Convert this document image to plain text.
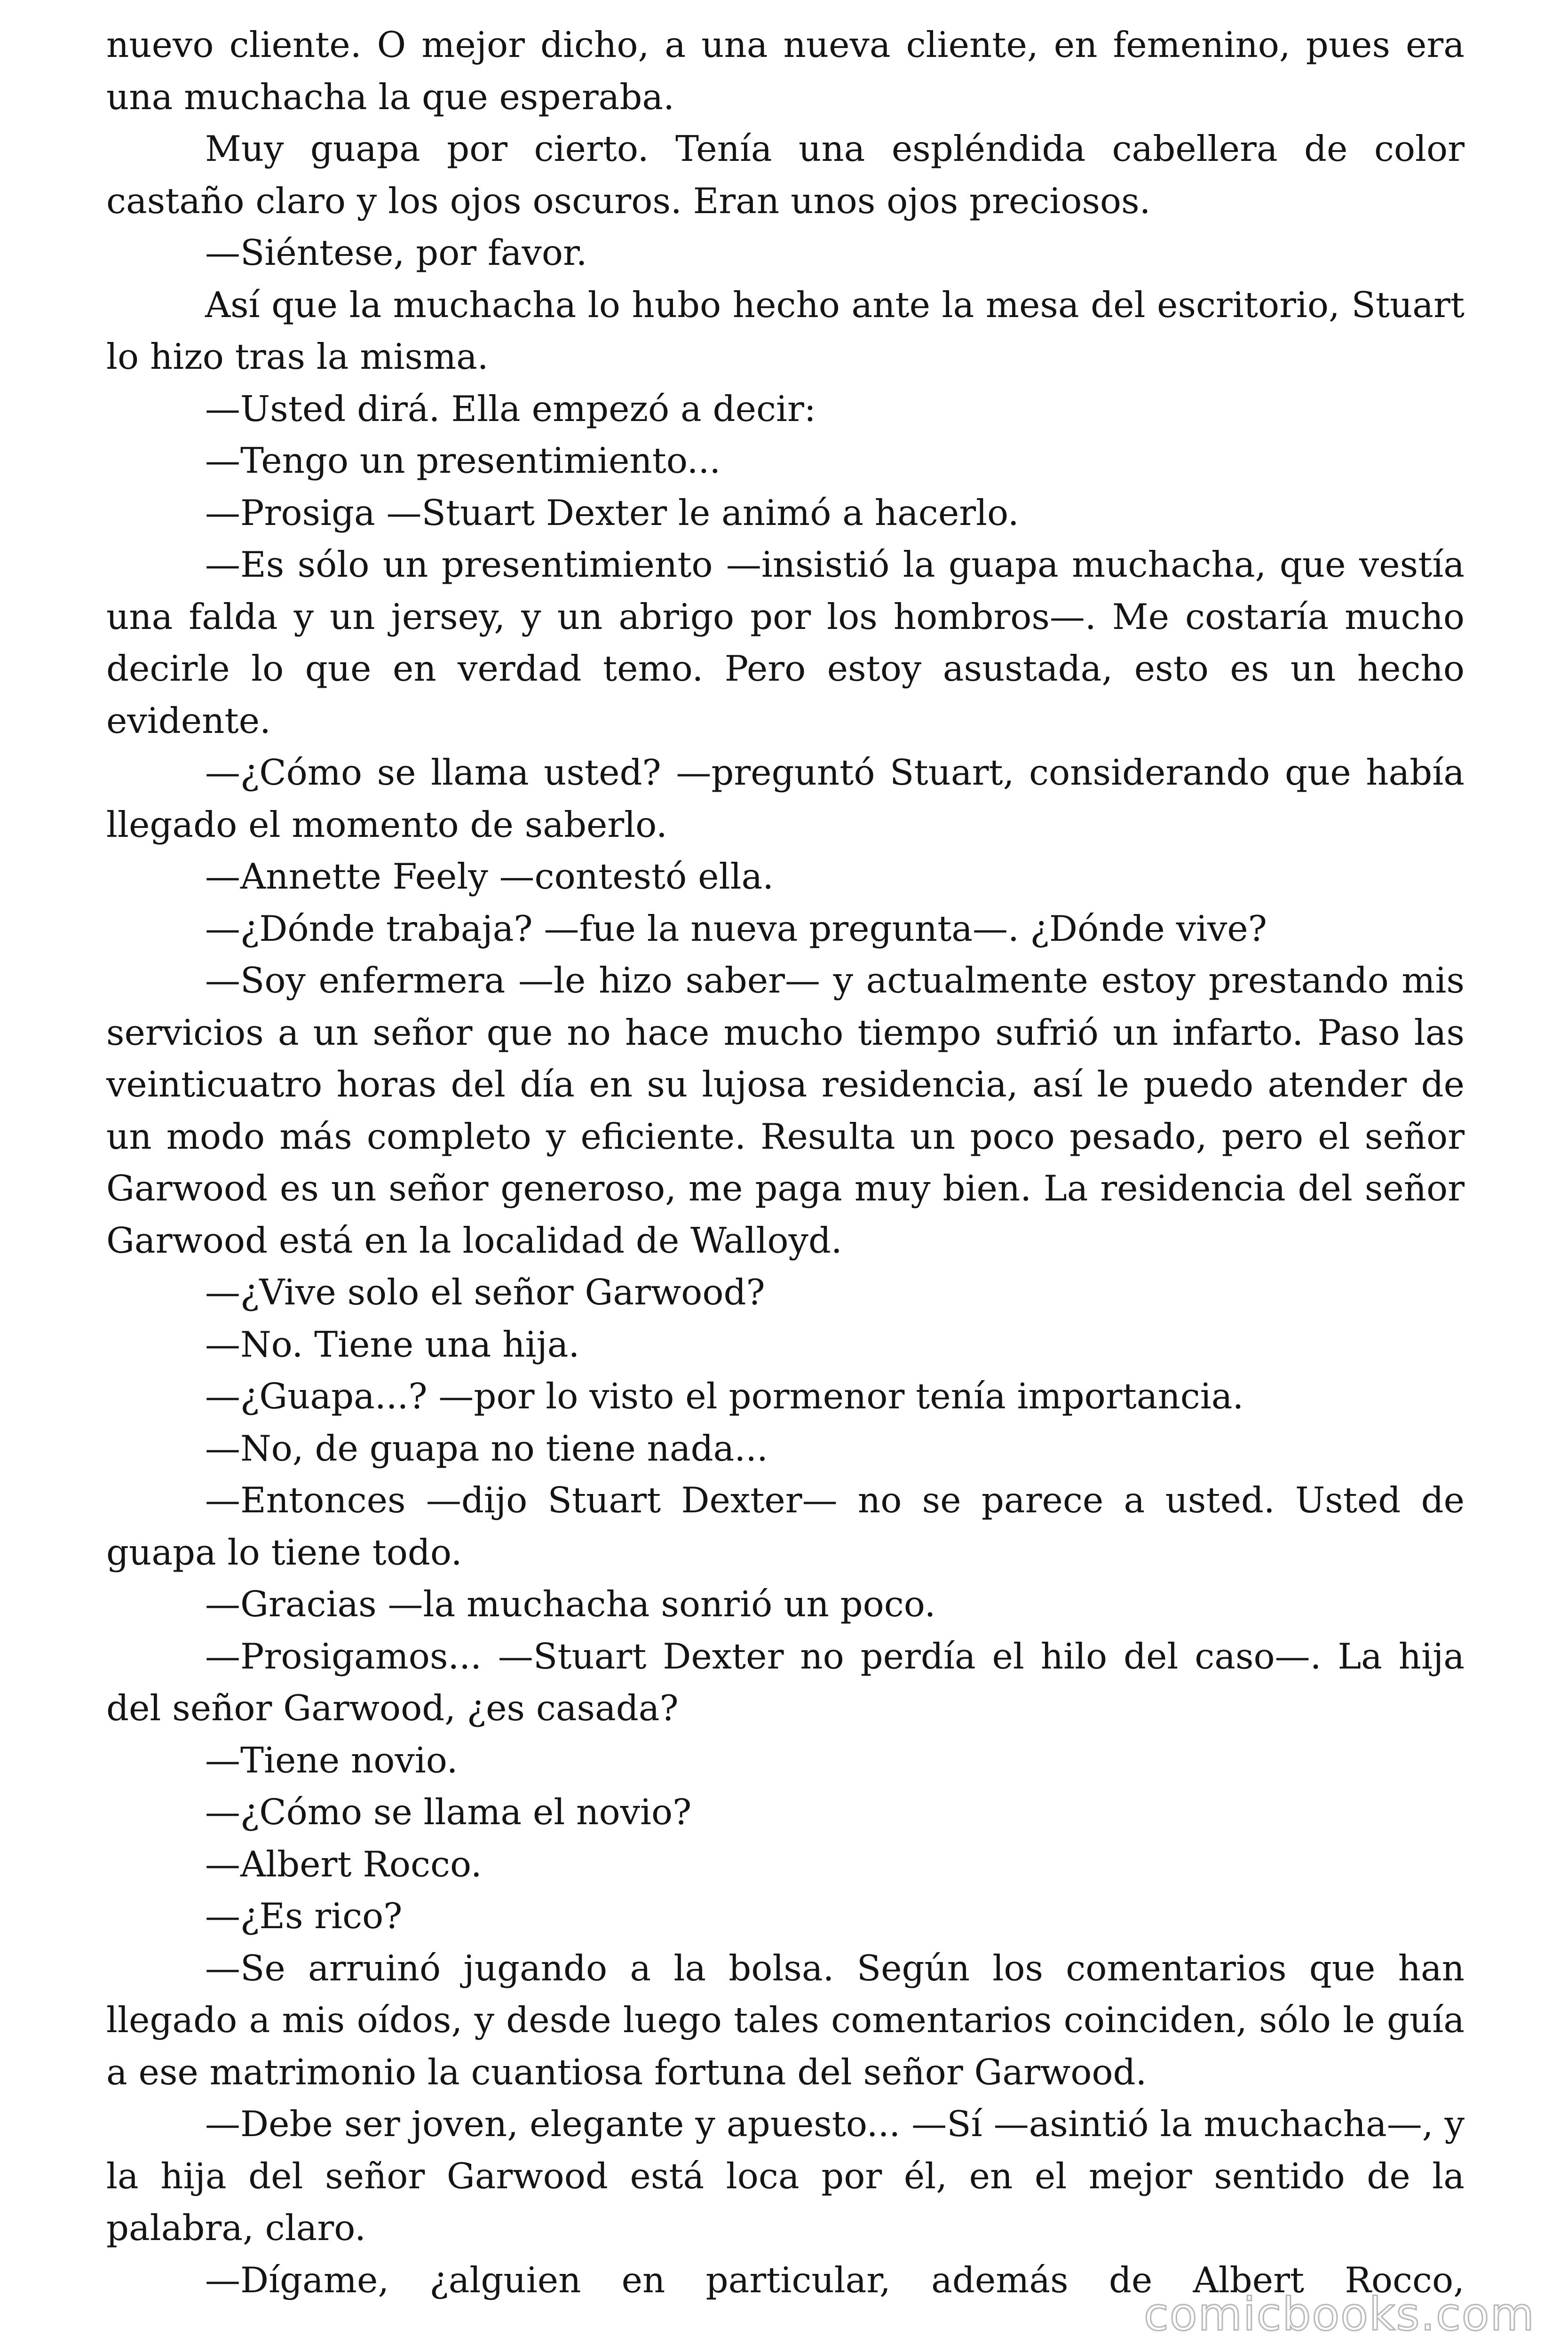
nuevo cliente. O mejor dicho, a una nueva cliente, en femenino, pues era una muchacha la que esperaba.

Muy guapa por cierto. Tenía una espléndida cabellera de color castaño claro y los ojos oscuros. Eran unos ojos preciosos.

—Siéntese, por favor.

Así que la muchacha lo hubo hecho ante la mesa del escritorio, Stuart lo hizo tras la misma.

—Usted dirá. Ella empezó a decir:

—Tengo un presentimiento...

—Prosiga —Stuart Dexter le animó a hacerlo.

—Es sólo un presentimiento —insistió la guapa muchacha, que vestía una falda y un jersey, y un abrigo por los hombros—. Me costaría mucho decirle lo que en verdad temo. Pero estoy asustada, esto es un hecho evidente.

—¿Cómo se llama usted? —preguntó Stuart, considerando que había llegado el momento de saberlo.

—Annette Feely —contestó ella.

—¿Dónde trabaja? —fue la nueva pregunta—. ¿Dónde vive?

—Soy enfermera —le hizo saber— y actualmente estoy prestando mis servicios a un señor que no hace mucho tiempo sufrió un infarto. Paso las veinticuatro horas del día en su lujosa residencia, así le puedo atender de un modo más completo y eficiente. Resulta un poco pesado, pero el señor Garwood es un señor generoso, me paga muy bien. La residencia del señor Garwood está en la localidad de Walloyd.

—¿Vive solo el señor Garwood?

—No. Tiene una hija.

—¿Guapa...? —por lo visto el pormenor tenía importancia.

—No, de guapa no tiene nada...

—Entonces —dijo Stuart Dexter— no se parece a usted. Usted de guapa lo tiene todo.

—Gracias —la muchacha sonrió un poco.

—Prosigamos... —Stuart Dexter no perdía el hilo del caso—. La hija del señor Garwood, ¿es casada?

—Tiene novio.

—¿Cómo se llama el novio?

—Albert Rocco.

—¿Es rico?

—Se arruinó jugando a la bolsa. Según los comentarios que han llegado a mis oídos, y desde luego tales comentarios coinciden, sólo le guía a ese matrimonio la cuantiosa fortuna del señor Garwood.

—Debe ser joven, elegante y apuesto... —Sí —asintió la muchacha—, y la hija del señor Garwood está loca por él, en el mejor sentido de la palabra, claro.

—Dígame, ¿alguien en particular, además de Albert Rocco,

comicbooks.com
